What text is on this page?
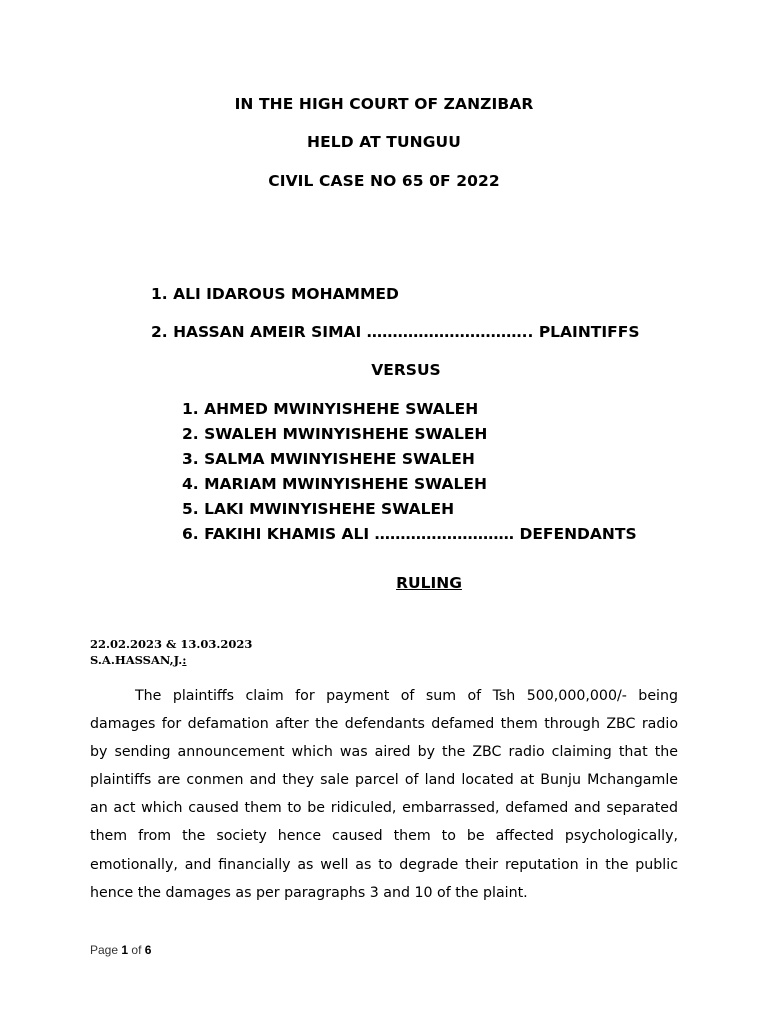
IN THE HIGH COURT OF ZANZIBAR
HELD AT TUNGUU
CIVIL CASE NO 65 0F 2022
1. ALI IDAROUS MOHAMMED
2. HASSAN AMEIR SIMAI ………………………….. PLAINTIFFS
VERSUS
1. AHMED MWINYISHEHE SWALEH
2. SWALEH MWINYISHEHE SWALEH
3. SALMA MWINYISHEHE SWALEH
4. MARIAM MWINYISHEHE SWALEH
5. LAKI MWINYISHEHE SWALEH
6. FAKIHI KHAMIS ALI ……………………… DEFENDANTS
RULING
22.02.2023 & 13.03.2023
S.A.HASSAN,J.:

The plaintiffs claim for payment of sum of Tsh 500,000,000/- being damages for defamation after the defendants defamed them through ZBC radio by sending announcement which was aired by the ZBC radio claiming that the plaintiffs are conmen and they sale parcel of land located at Bunju Mchangamle an act which caused them to be ridiculed, embarrassed, defamed and separated them from the society hence caused them to be affected psychologically, emotionally, and financially as well as to degrade their reputation in the public hence the damages as per paragraphs 3 and 10 of the plaint.

Page 1 of 6
